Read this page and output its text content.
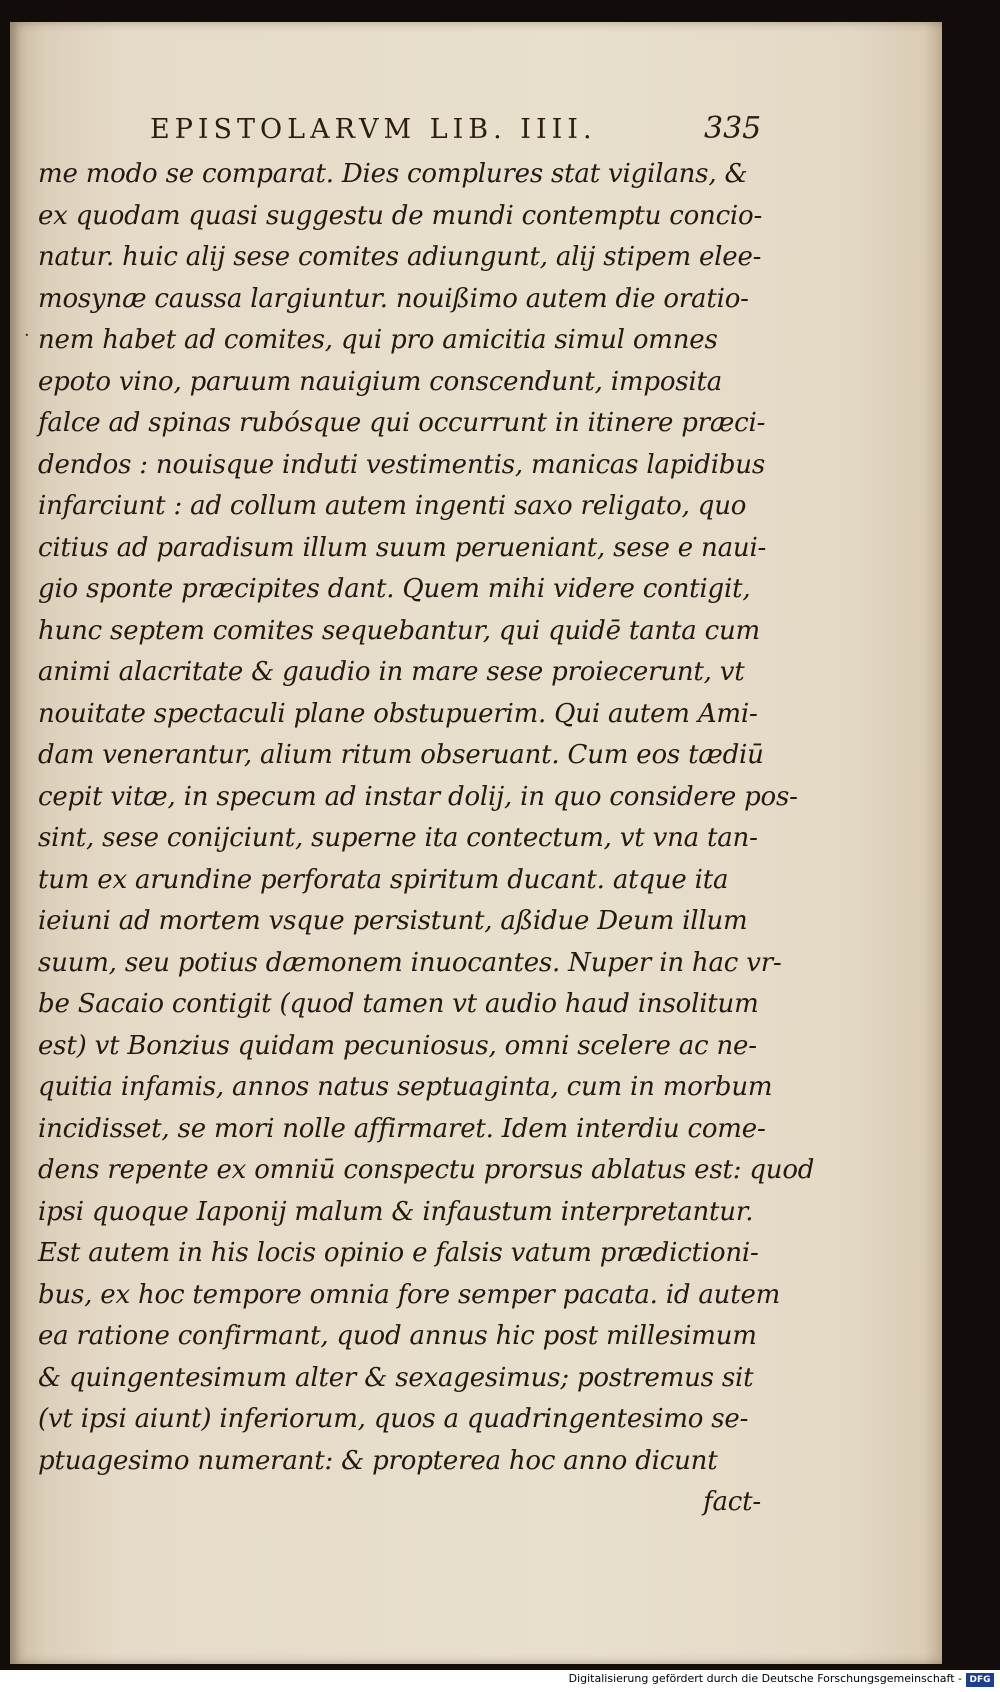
EPISTOLARVM LIB. IIII.	335
·
me modo se comparat. Dies complures stat vigilans, &
ex quodam quasi suggestu de mundi contemptu concio-
natur. huic alij sese comites adiungunt, alij stipem elee-
mosynæ caussa largiuntur. nouißimo autem die oratio-
nem habet ad comites, qui pro amicitia simul omnes
epoto vino, paruum nauigium conscendunt, imposita
falce ad spinas rubósque qui occurrunt in itinere præci-
dendos : nouisque induti vestimentis, manicas lapidibus
infarciunt : ad collum autem ingenti saxo religato, quo
citius ad paradisum illum suum perueniant, sese e naui-
gio sponte præcipites dant. Quem mihi videre contigit,
hunc septem comites sequebantur, qui quidē tanta cum
animi alacritate & gaudio in mare sese proiecerunt, vt
nouitate spectaculi plane obstupuerim. Qui autem Ami-
dam venerantur, alium ritum obseruant. Cum eos tædiū
cepit vitæ, in specum ad instar dolij, in quo considere pos-
sint, sese conijciunt, superne ita contectum, vt vna tan-
tum ex arundine perforata spiritum ducant. atque ita
ieiuni ad mortem vsque persistunt, aßidue Deum illum
suum, seu potius dæmonem inuocantes. Nuper in hac vr-
be Sacaio contigit (quod tamen vt audio haud insolitum
est) vt Bonzius quidam pecuniosus, omni scelere ac ne-
quitia infamis, annos natus septuaginta, cum in morbum
incidisset, se mori nolle affirmaret. Idem interdiu come-
dens repente ex omniū conspectu prorsus ablatus est: quod
ipsi quoque Iaponij malum & infaustum interpretantur.
Est autem in his locis opinio e falsis vatum prædictioni-
bus, ex hoc tempore omnia fore semper pacata. id autem
ea ratione confirmant, quod annus hic post millesimum
& quingentesimum alter & sexagesimus; postremus sit
(vt ipsi aiunt) inferiorum, quos a quadringentesimo se-
ptuagesimo numerant: & propterea hoc anno dicunt
fact-
Digitalisierung gefördert durch die Deutsche Forschungsgemeinschaft - DFG
